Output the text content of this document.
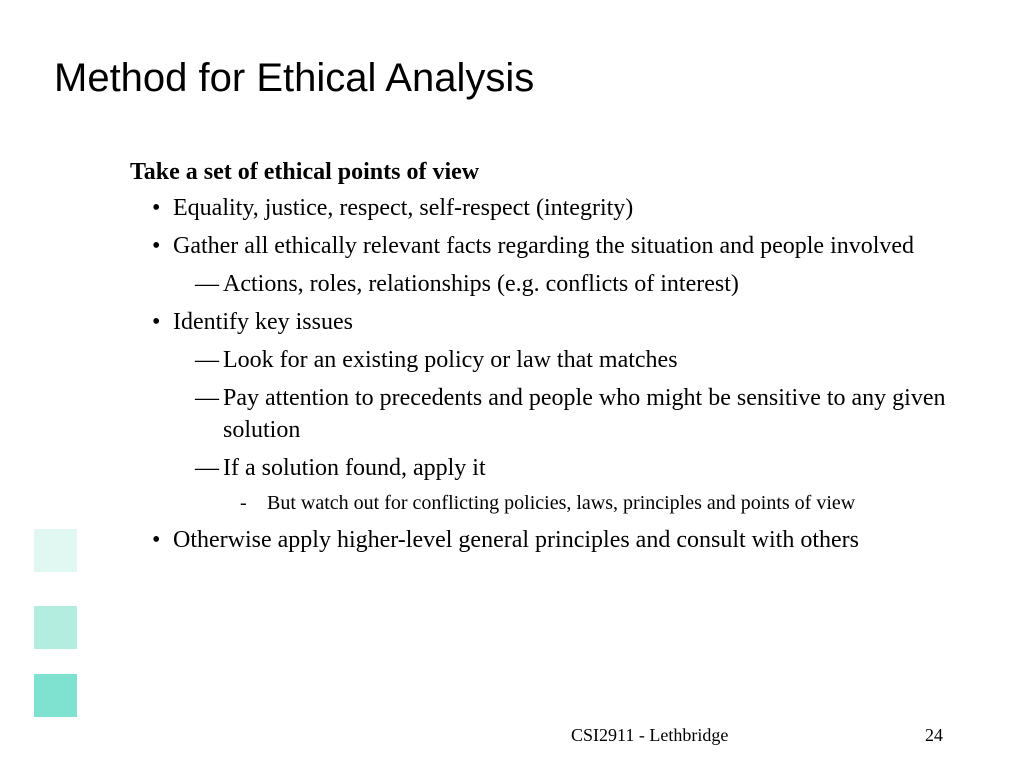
Method for Ethical Analysis
Take a set of ethical points of view
• Equality, justice, respect, self-respect (integrity)
• Gather all ethically relevant facts regarding the situation and people involved
— Actions, roles, relationships (e.g. conflicts of interest)
• Identify key issues
— Look for an existing policy or law that matches
— Pay attention to precedents and people who might be sensitive to any given solution
— If a solution found, apply it
- But watch out for conflicting policies, laws, principles and points of view
• Otherwise apply higher-level general principles and consult with others
CSI2911 - Lethbridge	24
